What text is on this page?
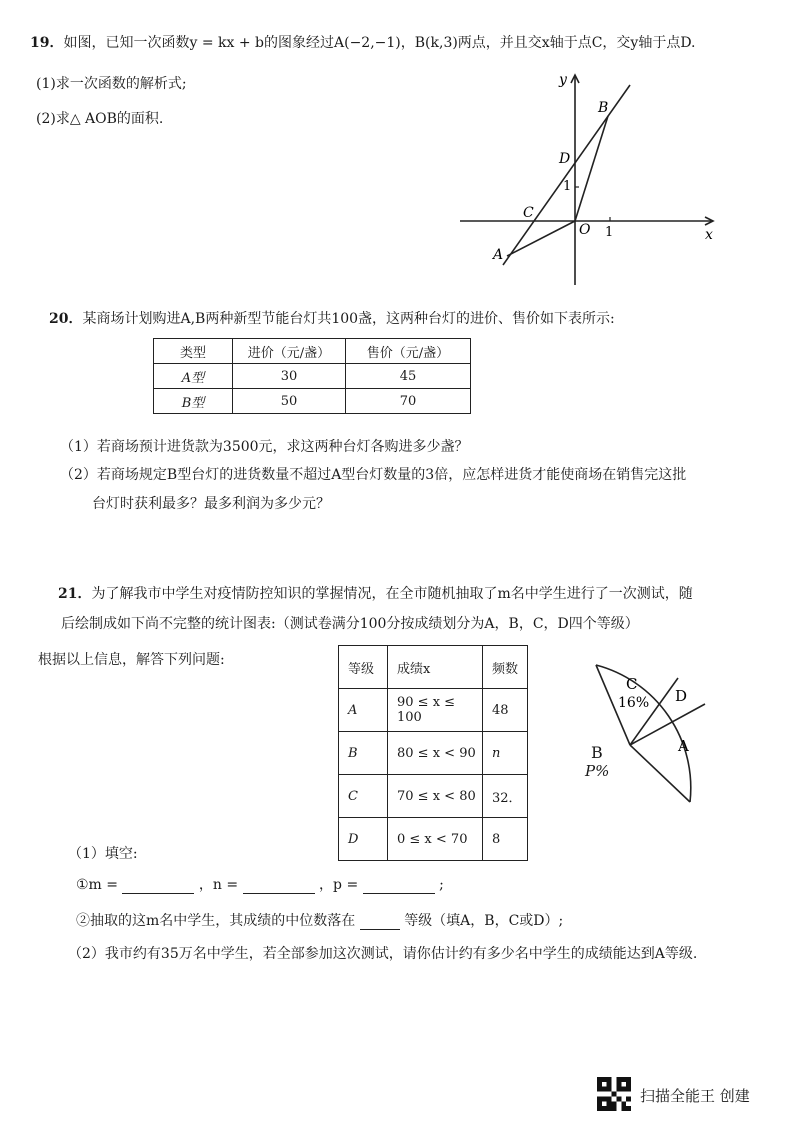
19．如图，已知一次函数y = kx + b的图象经过A(−2,−1)，B(k,3)两点，并且交x轴于点C，交y轴于点D.
(1)求一次函数的解析式;
(2)求△ AOB的面积.
y
x
O 1
1
A
B
C
D
20．某商场计划购进A,B两种新型节能台灯共100盏，这两种台灯的进价、售价如下表所示:
类型	进价（元/盏）	售价（元/盏）
A型	30	45
B型	50	70
（1）若商场预计进货款为3500元，求这两种台灯各购进多少盏？
（2）若商场规定B型台灯的进货数量不超过A型台灯数量的3倍，应怎样进货才能使商场在销售完这批
台灯时获利最多？最多利润为多少元？
21．为了解我市中学生对疫情防控知识的掌握情况，在全市随机抽取了m名中学生进行了一次测试，随
后绘制成如下尚不完整的统计图表:（测试卷满分100分按成绩划分为A，B，C，D四个等级）
根据以上信息，解答下列问题:
等级	成绩x	频数
A	90 ≤ x ≤ 100	48
B	80 ≤ x < 90	n
C	70 ≤ x < 80	32．
D	0 ≤ x < 70	8
C
16% D
A
B
P%
（1）填空:
①m =	，n =	，p =	;
②抽取的这m名中学生，其成绩的中位数落在	等级（填A，B，C或D）;
（2）我市约有35万名中学生，若全部参加这次测试，请你估计约有多少名中学生的成绩能达到A等级.
扫描全能王 创建
